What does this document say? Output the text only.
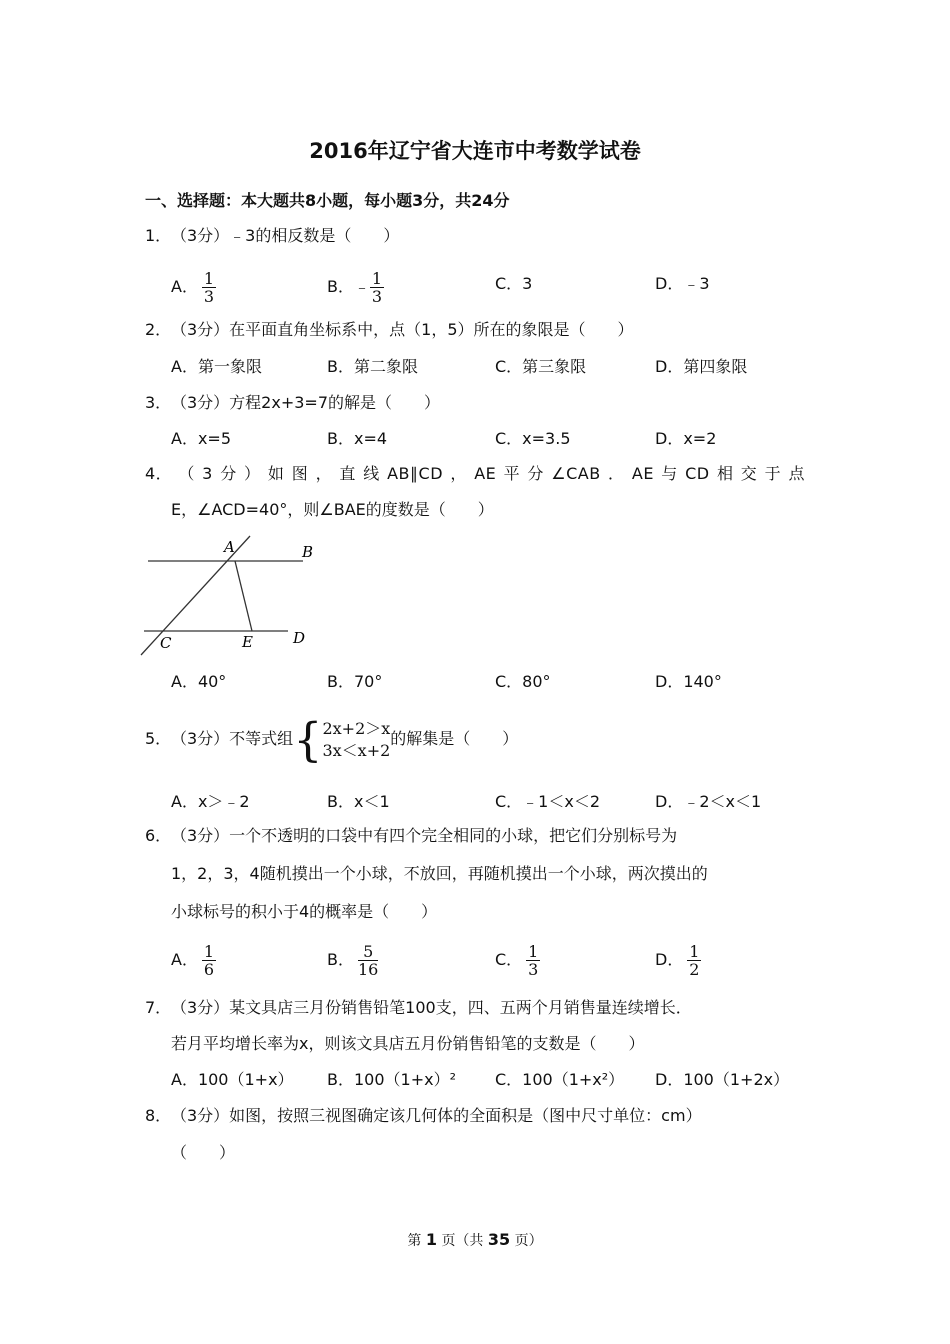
2016年辽宁省大连市中考数学试卷
一、选择题：本大题共8小题，每小题3分，共24分
1．（3分）﹣3的相反数是（　　）
A． $\frac{1}{3}$	B．﹣ $\frac{1}{3}$	C．3	D．﹣3
2．（3分）在平面直角坐标系中，点（1，5）所在的象限是（　　）
A．第一象限	B．第二象限	C．第三象限	D．第四象限
3．（3分）方程2x+3=7的解是（　　）
A．x=5	B．x=4	C．x=3.5	D．x=2
4．（3分）如图，直线AB∥CD，AE平分∠CAB．AE与CD相交于点
E，∠ACD=40°，则∠BAE的度数是（　　）
A	B
C	E	D
A．40°	B．70°	C．80°	D．140°
5．（3分）不等式组{ 2x+2＞x
3x＜x+2
的解集是（　　）
A．x＞﹣2	B．x＜1	C．﹣1＜x＜2	D．﹣2＜x＜1
6．（3分）一个不透明的口袋中有四个完全相同的小球，把它们分别标号为
1，2，3，4随机摸出一个小球，不放回，再随机摸出一个小球，两次摸出的
小球标号的积小于4的概率是（　　）
A． $\frac{1}{6}$	B． $\frac{5}{16}$	C． $\frac{1}{3}$	D． $\frac{1}{2}$
7．（3分）某文具店三月份销售铅笔100支，四、五两个月销售量连续增长．
若月平均增长率为x，则该文具店五月份销售铅笔的支数是（　　）
A．100（1+x） B．100（1+x）² C．100（1+x²） D．100（1+2x）
8．（3分）如图，按照三视图确定该几何体的全面积是（图中尺寸单位：cm）
（　　）
第 1 页（共 35 页）
